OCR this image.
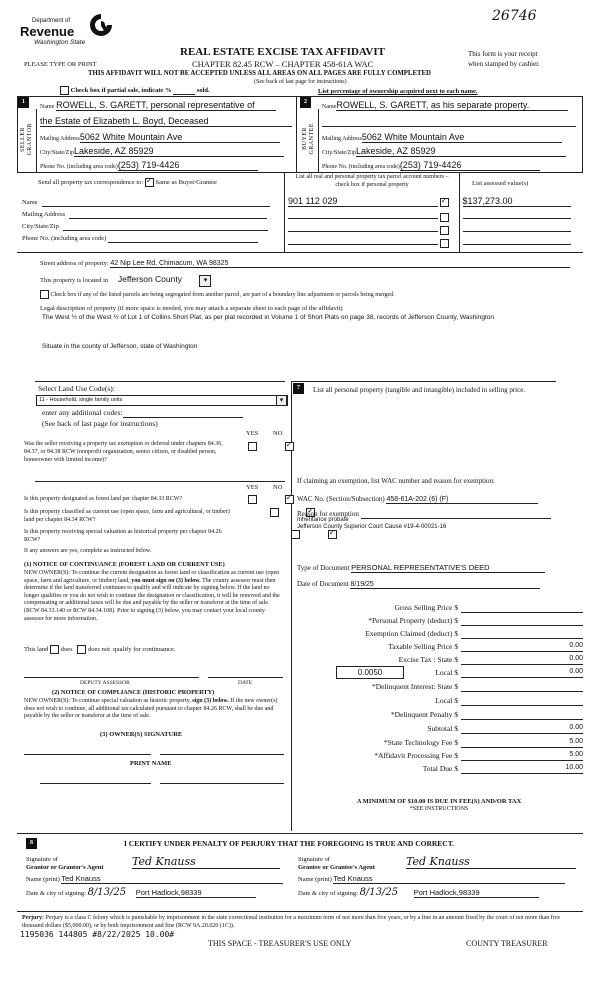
26746
Department of
Revenue
Washington State
PLEASE TYPE OR PRINT
REAL ESTATE EXCISE TAX AFFIDAVIT
CHAPTER 82.45 RCW – CHAPTER 458-61A WAC
This form is your receipt
when stamped by cashier.
THIS AFFIDAVIT WILL NOT BE ACCEPTED UNLESS ALL AREAS ON ALL PAGES ARE FULLY COMPLETED
(See back of last page for instructions)
Check box if partial sale, indicate %	sold.	List percentage of ownership acquired next to each name.
1
SELLER GRANTOR
Name ROWELL, S. GARETT, personal representative of
the Estate of Elizabeth L. Boyd, Deceased
Mailing Address5062 White Mountain Ave
City/State/ZipLakeside, AZ 85929
Phone No. (including area code)(253) 719-4426
2
BUYER GRANTEE
NameROWELL, S. GARETT, as his separate property.
Mailing Address5062 White Mountain Ave
City/State/ZipLakeside, AZ 85929
Phone No. (including area code)(253) 719-4426
Send all property tax correspondence to: ✓ Same as Buyer/Grantee
Name
Mailing Address
City/State/Zip
Phone No. (including area code)
List all real and personal property tax parcel account numbers – check box if personal property	List assessed value(s)
901 112 029 ✓	$137,273.00

Street address of property: 42 Nip Lee Rd, Chimacum, WA 98325
This property is located in Jefferson County	▾
Check box if any of the listed parcels are being segregated from another parcel, are part of a boundary line adjustment or parcels being merged.
Legal description of property (if more space is needed, you may attach a separate sheet to each page of the affidavit)
The West ½ of the West ½ of Lot 1 of Collins Short Plat, as per plat recorded in Volume 1 of Short Plats on page 38, records of Jefferson County, Washington
Situate in the county of Jefferson, state of Washington
Select Land Use Code(s):
11 - Household, single family units	▾
enter any additional codes:
(See back of last page for instructions)
YES NO
Was the seller receiving a property tax exemption or deferral under chapters 84.36, 84.37, or 84.38 RCW (nonprofit organization, senior citizen, or disabled person, homeowner with limited income)?
✓
YES NO
Is this property designated as forest land per chapter 84.33 RCW?
✓
Is this property classified as current use (open space, farm and agricultural, or timber) land per chapter 84.34 RCW?
✓
Is this property receiving special valuation as historical property per chapter 84.26 RCW?
✓
If any answers are yes, complete as instructed below.
(1) NOTICE OF CONTINUANCE (FOREST LAND OR CURRENT USE)
NEW OWNER(S): To continue the current designation as forest land or classification as current use (open space, farm and agriculture, or timber) land, you must sign on (3) below. The county assessor must then determine if the land transferred continues to qualify and will indicate by signing below. If the land no longer qualifies or you do not wish to continue the designation or classification, it will be removed and the compensating or additional taxes will be due and payable by the seller or transferor at the time of sale. (RCW 84.33.140 or RCW 84.34.108). Prior to signing (3) below, you may contact your local county assessor for more information.
This land does does not qualify for continuance.
DEPUTY ASSESSOR	DATE
(2) NOTICE OF COMPLIANCE (HISTORIC PROPERTY)
NEW OWNER(S): To continue special valuation as historic property, sign (3) below. If the new owner(s) does not wish to continue, all additional tax calculated pursuant to chapter 84.26 RCW, shall be due and payable by the seller or transferor at the time of sale.
(3) OWNER(S) SIGNATURE
PRINT NAME
7	List all personal property (tangible and intangible) included in selling price.
If claiming an exemption, list WAC number and reason for exemption:
WAC No. (Section/Subsection) 458-61A-202 (6) (F)
Reason for exemption
Inheritance probate
Jefferson County Superior Court Cause #19-4-00021-16
Type of Document PERSONAL REPRESENTATIVE'S DEED
Date of Document 8/19/25
Gross Selling Price $
*Personal Property (deduct) $
Exemption Claimed (deduct) $
Taxable Selling Price $	0.00
Excise Tax : State $	0.00
0.0050	Local $	0.00
*Delinquent Interest: State $
Local $
*Delinquent Penalty $
Subtotal $	0.00
*State Technology Fee $	5.00
*Affidavit Processing Fee $	5.00
Total Due $	10.00
A MINIMUM OF $10.00 IS DUE IN FEE(S) AND/OR TAX
*SEE INSTRUCTIONS
8	I CERTIFY UNDER PENALTY OF PERJURY THAT THE FOREGOING IS TRUE AND CORRECT.
Signature of
Grantor or Grantor's Agent	Ted Knauss
Name (print) Ted Knauss
Date & city of signing: 8/13/25 Port Hadlock,98339
Signature of
Grantee or Grantee's Agent	Ted Knauss
Name (print) Ted Knauss
Date & city of signing: 8/13/25 Port Hadlock,98339
Perjury: Perjury is a class C felony which is punishable by imprisonment in the state correctional institution for a maximum term of not more than five years, or by a fine in an amount fixed by the court of not more than five thousand dollars ($5,000.00), or by both imprisonment and fine (RCW 9A.20.020 (1C)).
1195036 144805 #8/22/2025 10.00#
THIS SPACE - TREASURER'S USE ONLY	COUNTY TREASURER
